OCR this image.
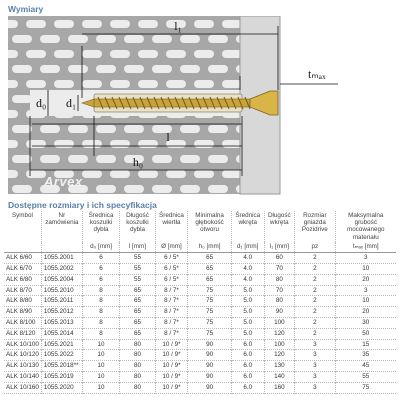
Wymiary
l₁
tₘₐₓ
d₀ d₁
l
h₀
Arvex
Dostępne rozmiary i ich specyfikacja
Symbol	Nr zamówienia	Średnica koszulki dybla	Długość koszulki dybla	Średnica wiertła	Minimalna głębokość otworu	Średnica wkręta	Długość wkręta	Rozmiar gniazda Pozidrive	Maksymalna grubość mocowanego materiału
		d₀ [mm]	l [mm]	Ø [mm]	h₀ [mm]	d₁ [mm]	l₁ [mm]	pz	tₘₐₓ [mm]
ALK 6/60	1055.2001	6	55	6 / 5*	65	4.0	60	2	3
ALK 6/70	1055.2002	6	55	6 / 5*	65	4.0	70	2	10
ALK 6/80	1055.2004	6	55	6 / 5*	65	4.0	80	2	20
ALK 8/70	1055.2010	8	65	8 / 7*	75	5.0	70	2	3
ALK 8/80	1055.2011	8	65	8 / 7*	75	5.0	80	2	10
ALK 8/90	1055.2012	8	65	8 / 7*	75	5.0	90	2	20
ALK 8/100	1055.2013	8	65	8 / 7*	75	5.0	100	2	30
ALK 8/120	1055.2014	8	65	8 / 7*	75	5.0	120	2	50
ALK 10/100	1055.2021	10	80	10 / 9*	90	6.0	100	3	15
ALK 10/120	1055.2022	10	80	10 / 9*	90	6.0	120	3	35
ALK 10/130	1055.2018**	10	80	10 / 9*	90	6.0	130	3	45
ALK 10/140	1055.2019	10	80	10 / 9*	90	6.0	140	3	55
ALK 10/160	1055.2020	10	80	10 / 9*	90	6.0	160	3	75
